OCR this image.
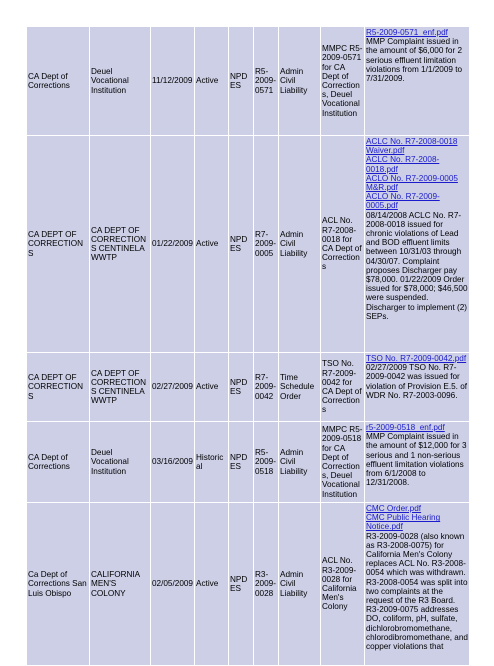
CA Dept of Corrections	Deuel Vocational Institution	11/12/2009	Active	NPDES	R5-2009-0571	Admin Civil Liability	MMPC R5-2009-0571 for CA Dept of Corrections, Deuel Vocational Institution	R5-2009-0571_enf.pdf
MMP Complaint issued in the amount of $6,000 for 2 serious effluent limitation violations from 1/1/2009 to 7/31/2009.

CA DEPT OF CORRECTIONS	CA DEPT OF CORRECTIONS CENTINELA WWTP	01/22/2009	Active	NPDES	R7-2009-0005	Admin Civil Liability	ACL No. R7-2008-0018 for CA Dept of Corrections	ACLC No. R7-2008-0018 Waiver.pdf
ACLC No. R7-2008-0018.pdf
ACLO No. R7-2009-0005 M&R.pdf
ACLO No. R7-2009-0005.pdf
08/14/2008 ACLC No. R7-2008-0018 issued for chronic violations of Lead and BOD effluent limits between 10/31/03 through 04/30/07. Complaint proposes Discharger pay $78,000. 01/22/2009 Order issued for $78,000; $46,500 were suspended. Discharger to implement (2) SEPs.

CA DEPT OF CORRECTIONS	CA DEPT OF CORRECTIONS CENTINELA WWTP	02/27/2009	Active	NPDES	R7-2009-0042	Time Schedule Order	TSO No. R7-2009-0042 for CA Dept of Corrections	TSO No. R7-2009-0042.pdf
02/27/2009 TSO No. R7-2009-0042 was issued for violation of Provision E.5. of WDR No. R7-2003-0096.

CA Dept of Corrections	Deuel Vocational Institution	03/16/2009	Historical	NPDES	R5-2009-0518	Admin Civil Liability	MMPC R5-2009-0518 for CA Dept of Corrections, Deuel Vocational Institution	r5-2009-0518_enf.pdf
MMP Complaint issued in the amount of $12,000 for 3 serious and 1 non-serious effluent limitation violations from 6/1/2008 to 12/31/2008.

Ca Dept of Corrections San Luis Obispo	CALIFORNIA MEN'S COLONY	02/05/2009	Active	NPDES	R3-2009-0028	Admin Civil Liability	ACL No. R3-2009-0028 for California Men's Colony	CMC Order.pdf
CMC Public Hearing Notice.pdf
R3-2009-0028 (also known as R3-2008-0075) for California Men's Colony replaces ACL No. R3-2008-0054 which was withdrawn. R3-2008-0054 was split into two complaints at the request of the R3 Board. R3-2009-0075 addresses DO, coliform, pH, sulfate, dichlorobromomethane, chlorodibromomethane, and copper violations that
